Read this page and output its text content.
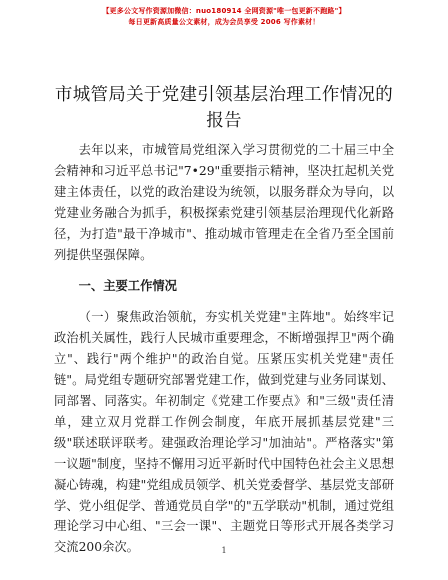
【更多公文写作资源加微信：nuo180914 全网资源"唯一包更新不跑路"】
每日更新高质量公文素材，成为会员享受 2006 写作素材！
市城管局关于党建引领基层治理工作情况的报告

去年以来，市城管局党组深入学习贯彻党的二十届三中全会精神和习近平总书记"7•29"重要指示精神，坚决扛起机关党建主体责任，以党的政治建设为统领，以服务群众为导向，以党建业务融合为抓手，积极探索党建引领基层治理现代化新路径，为打造"最干净城市"、推动城市管理走在全省乃至全国前列提供坚强保障。

一、主要工作情况

（一）聚焦政治领航，夯实机关党建"主阵地"。始终牢记政治机关属性，践行人民城市重要理念，不断增强捍卫"两个确立"、践行"两个维护"的政治自觉。压紧压实机关党建"责任链"。局党组专题研究部署党建工作，做到党建与业务同谋划、同部署、同落实。年初制定《党建工作要点》和"三级"责任清单，建立双月党群工作例会制度，年底开展抓基层党建"三级"联述联评联考。建强政治理论学习"加油站"。严格落实"第一议题"制度，坚持不懈用习近平新时代中国特色社会主义思想凝心铸魂，构建"党组成员领学、机关党委督学、基层党支部研学、党小组促学、普通党员自学"的"五学联动"机制，通过党组理论学习中心组、"三会一课"、主题党日等形式开展各类学习交流200余次。	1
